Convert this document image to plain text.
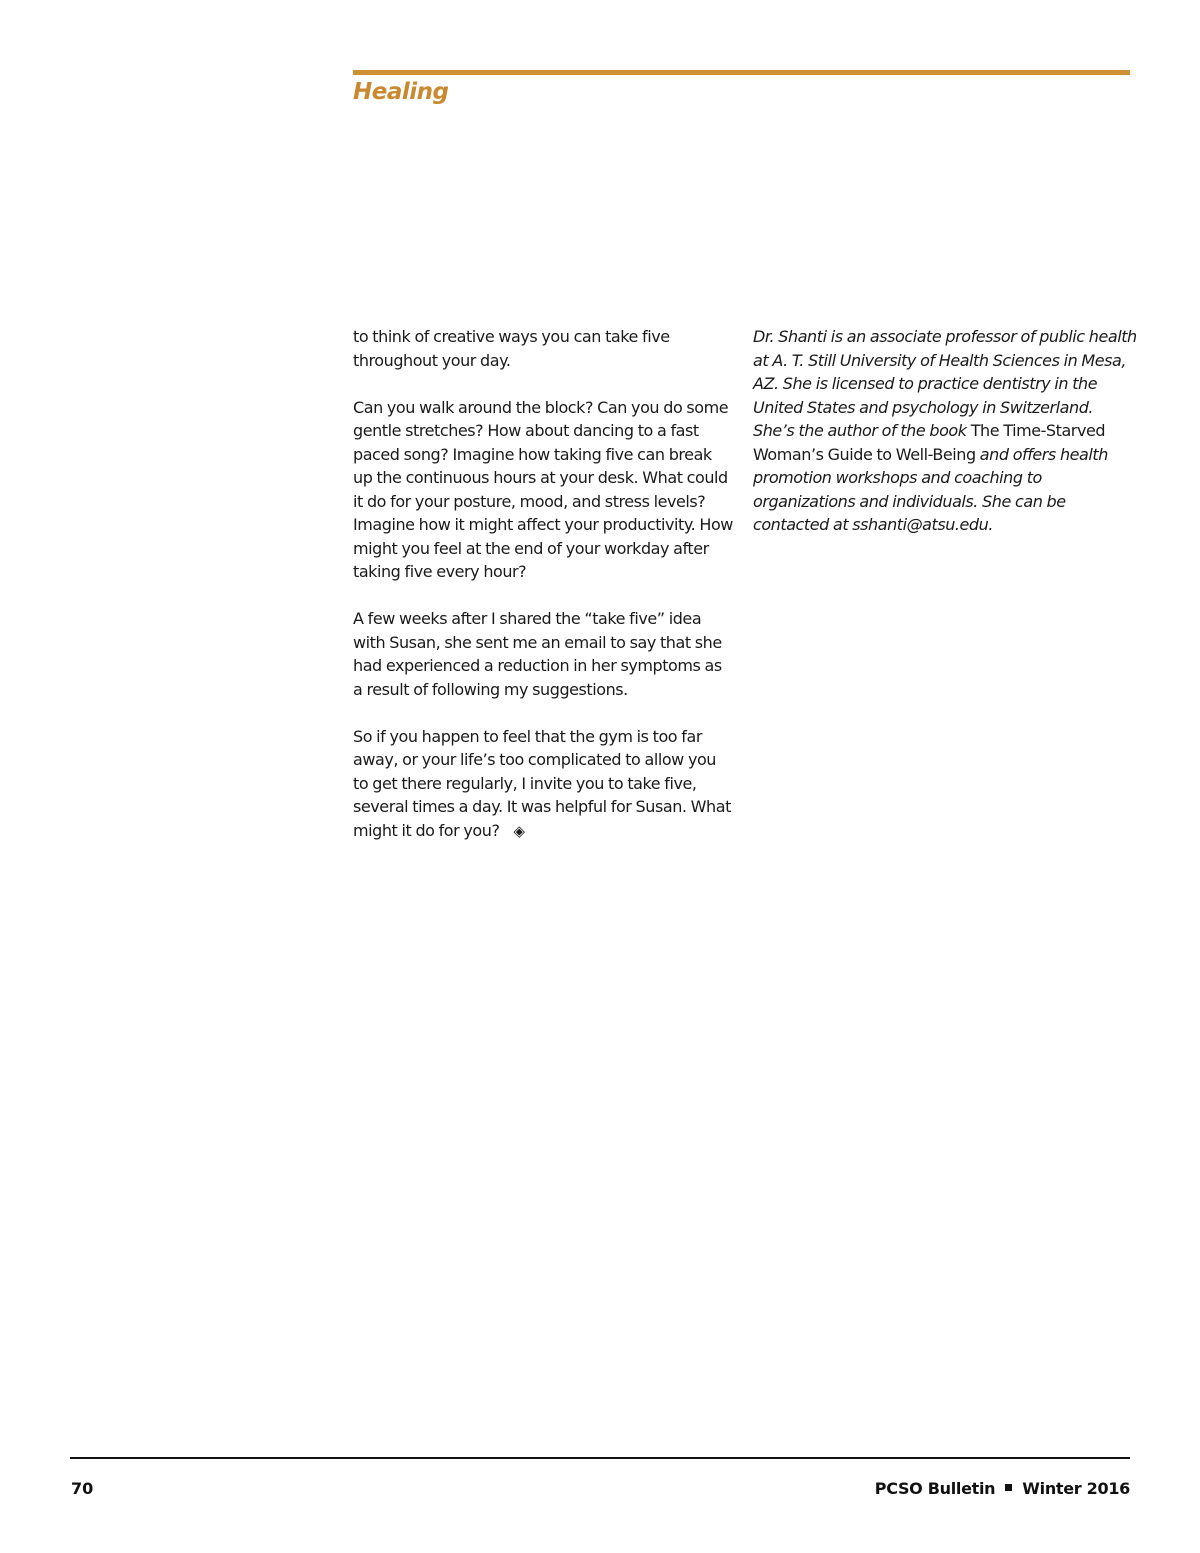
Healing

to think of creative ways you can take five throughout your day.

Can you walk around the block? Can you do some gentle stretches? How about dancing to a fast paced song? Imagine how taking five can break up the continuous hours at your desk. What could it do for your posture, mood, and stress levels? Imagine how it might affect your productivity. How might you feel at the end of your workday after taking five every hour?

A few weeks after I shared the “take five” idea with Susan, she sent me an email to say that she had experienced a reduction in her symptoms as a result of following my suggestions.

So if you happen to feel that the gym is too far away, or your life’s too complicated to allow you to get there regularly, I invite you to take five, several times a day. It was helpful for Susan. What might it do for you? ◈

Dr. Shanti is an associate professor of public health at A. T. Still University of Health Sciences in Mesa, AZ. She is licensed to practice dentistry in the United States and psychology in Switzerland. She’s the author of the book The Time-Starved Woman’s Guide to Well-Being and offers health promotion workshops and coaching to organizations and individuals. She can be contacted at sshanti@atsu.edu.

70	PCSO Bulletin Winter 2016
